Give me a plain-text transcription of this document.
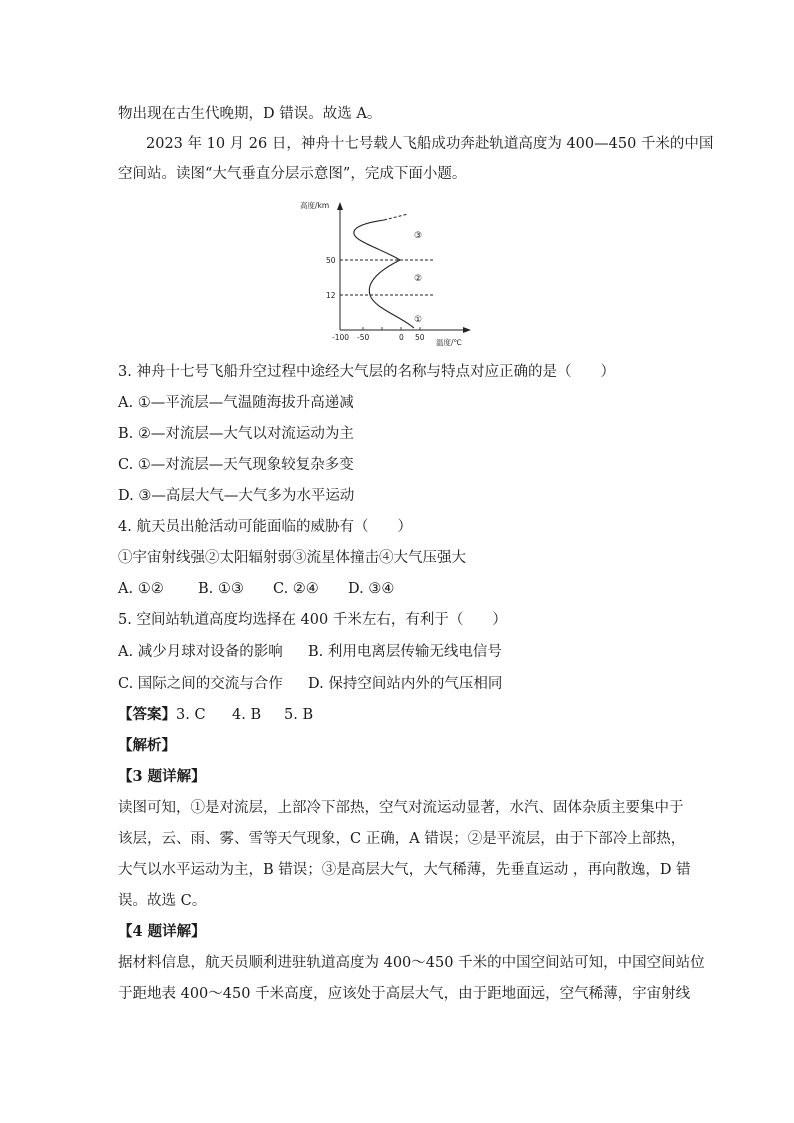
物出现在古生代晚期，D 错误。故选 A。
2023 年 10 月 26 日，神舟十七号载人飞船成功奔赴轨道高度为 400—450 千米的中国
空间站。读图“大气垂直分层示意图”，完成下面小题。
高度/km
温度/℃
50
12
-100 -50	0 50
③
②
①
3. 神舟十七号飞船升空过程中途经大气层的名称与特点对应正确的是（　　）
A. ①—平流层—气温随海拔升高递减
B. ②—对流层—大气以对流运动为主
C. ①—对流层—天气现象较复杂多变
D. ③—高层大气—大气多为水平运动
4. 航天员出舱活动可能面临的威胁有（　　）
①宇宙射线强②太阳辐射弱③流星体撞击④大气压强大
A. ①② B. ①③ C. ②④ D. ③④
5. 空间站轨道高度均选择在 400 千米左右，有利于（　　）
A. 减少月球对设备的影响 B. 利用电离层传输无线电信号
C. 国际之间的交流与合作 D. 保持空间站内外的气压相同
【答案】3. C 4. B 5. B
【解析】
【3 题详解】
读图可知，①是对流层，上部冷下部热，空气对流运动显著，水汽、固体杂质主要集中于
该层，云、雨、雾、雪等天气现象，C 正确，A 错误；②是平流层，由于下部冷上部热，
大气以水平运动为主，B 错误；③是高层大气，大气稀薄，先垂直运动 ，再向散逸，D 错
误。故选 C。
【4 题详解】
据材料信息，航天员顺利进驻轨道高度为 400～450 千米的中国空间站可知，中国空间站位
于距地表 400～450 千米高度，应该处于高层大气，由于距地面远，空气稀薄，宇宙射线
